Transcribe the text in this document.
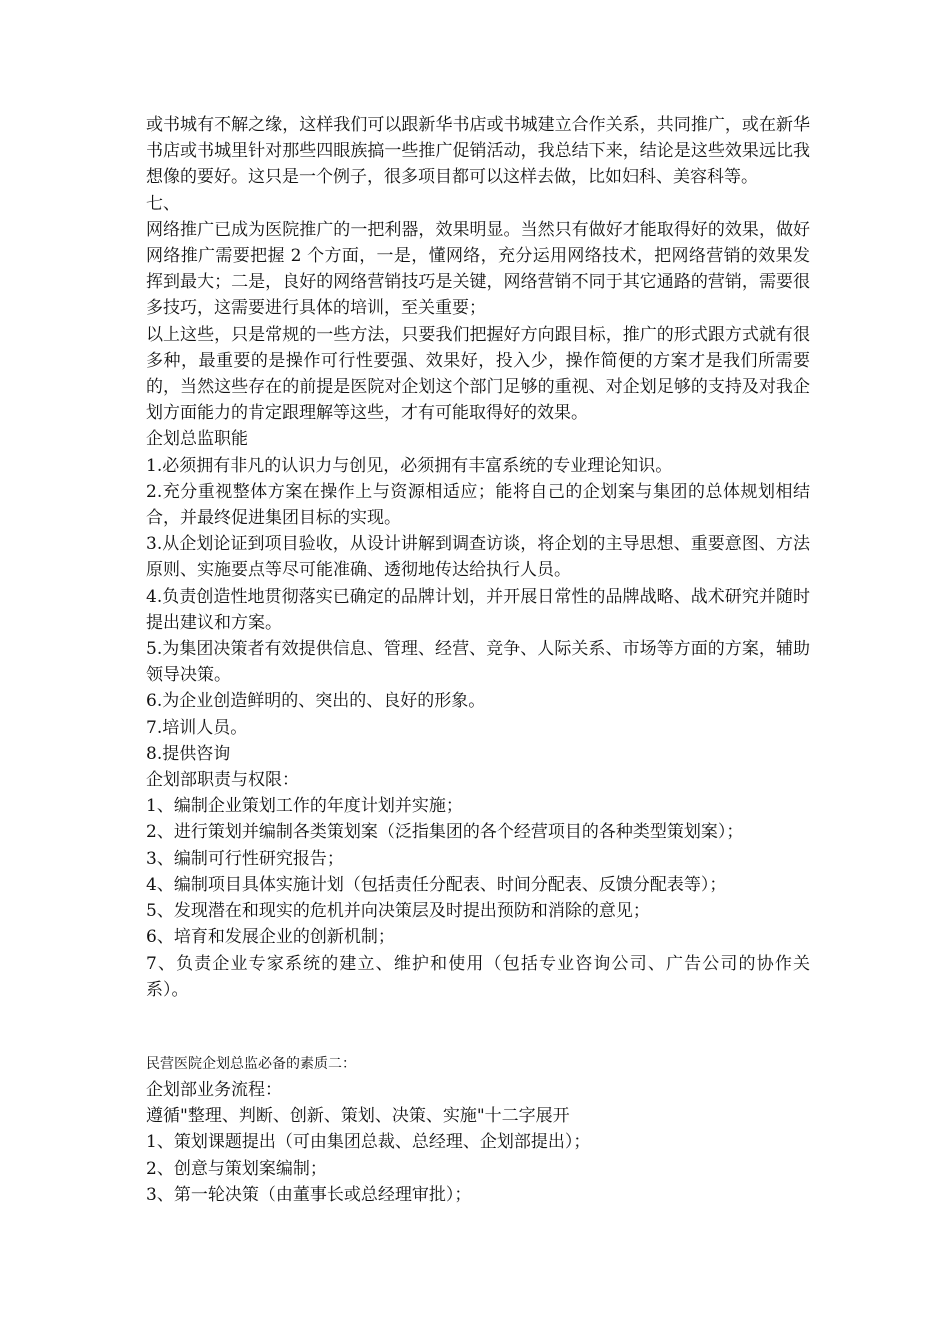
或书城有不解之缘，这样我们可以跟新华书店或书城建立合作关系，共同推广，或在新华书店或书城里针对那些四眼族搞一些推广促销活动，我总结下来，结论是这些效果远比我想像的要好。这只是一个例子，很多项目都可以这样去做，比如妇科、美容科等。

七、

网络推广已成为医院推广的一把利器，效果明显。当然只有做好才能取得好的效果，做好网络推广需要把握 2 个方面，一是，懂网络，充分运用网络技术，把网络营销的效果发挥到最大；二是，良好的网络营销技巧是关键，网络营销不同于其它通路的营销，需要很多技巧，这需要进行具体的培训，至关重要；

以上这些，只是常规的一些方法，只要我们把握好方向跟目标，推广的形式跟方式就有很多种，最重要的是操作可行性要强、效果好，投入少，操作简便的方案才是我们所需要的，当然这些存在的前提是医院对企划这个部门足够的重视、对企划足够的支持及对我企划方面能力的肯定跟理解等这些，才有可能取得好的效果。

企划总监职能

1.必须拥有非凡的认识力与创见，必须拥有丰富系统的专业理论知识。

2.充分重视整体方案在操作上与资源相适应；能将自己的企划案与集团的总体规划相结合，并最终促进集团目标的实现。

3.从企划论证到项目验收，从设计讲解到调查访谈，将企划的主导思想、重要意图、方法原则、实施要点等尽可能准确、透彻地传达给执行人员。

4.负责创造性地贯彻落实已确定的品牌计划，并开展日常性的品牌战略、战术研究并随时提出建议和方案。

5.为集团决策者有效提供信息、管理、经营、竞争、人际关系、市场等方面的方案，辅助领导决策。

6.为企业创造鲜明的、突出的、良好的形象。

7.培训人员。

8.提供咨询

企划部职责与权限：

1、编制企业策划工作的年度计划并实施；

2、进行策划并编制各类策划案（泛指集团的各个经营项目的各种类型策划案）；

3、编制可行性研究报告；

4、编制项目具体实施计划（包括责任分配表、时间分配表、反馈分配表等）；

5、发现潜在和现实的危机并向决策层及时提出预防和消除的意见；

6、培育和发展企业的创新机制；

7、负责企业专家系统的建立、维护和使用（包括专业咨询公司、广告公司的协作关系）。

民营医院企划总监必备的素质二：

企划部业务流程：

遵循"整理、判断、创新、策划、决策、实施"十二字展开

1、策划课题提出（可由集团总裁、总经理、企划部提出）；

2、创意与策划案编制；

3、第一轮决策（由董事长或总经理审批）；
